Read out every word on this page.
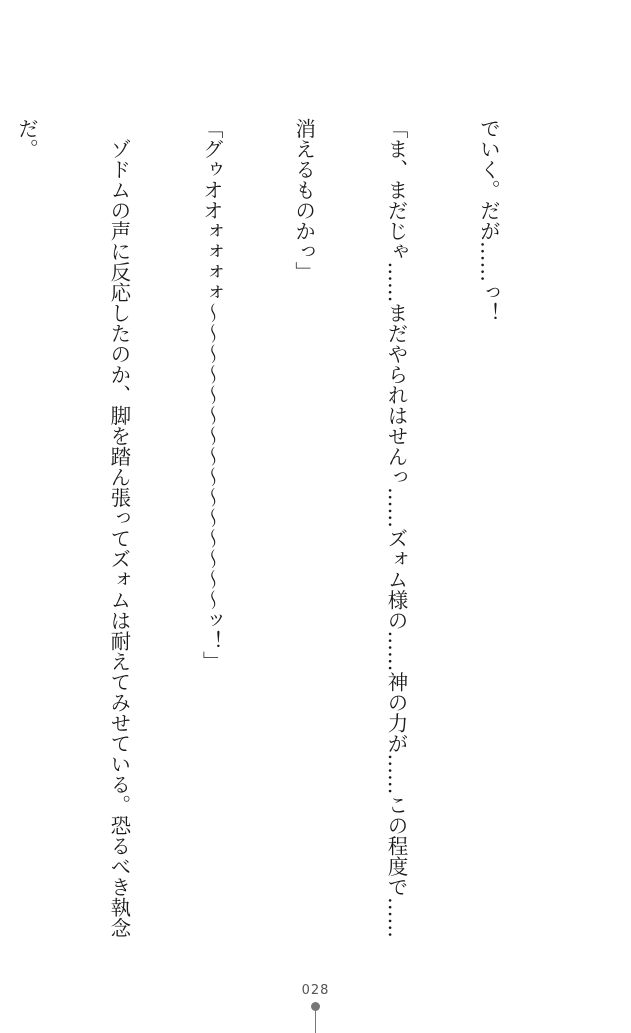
でいく。だが……っ！

「ま、まだじゃ……まだやられはせんっ……ズォム様の……神の力が……この程度で……

消えるものかっ」

「グゥオオォォォォ～～～～～～～～～～～～～～～ッ！」

　ゾドムの声に反応したのか、脚を踏ん張ってズォムは耐えてみせている。恐るべき執念

だ。

028
